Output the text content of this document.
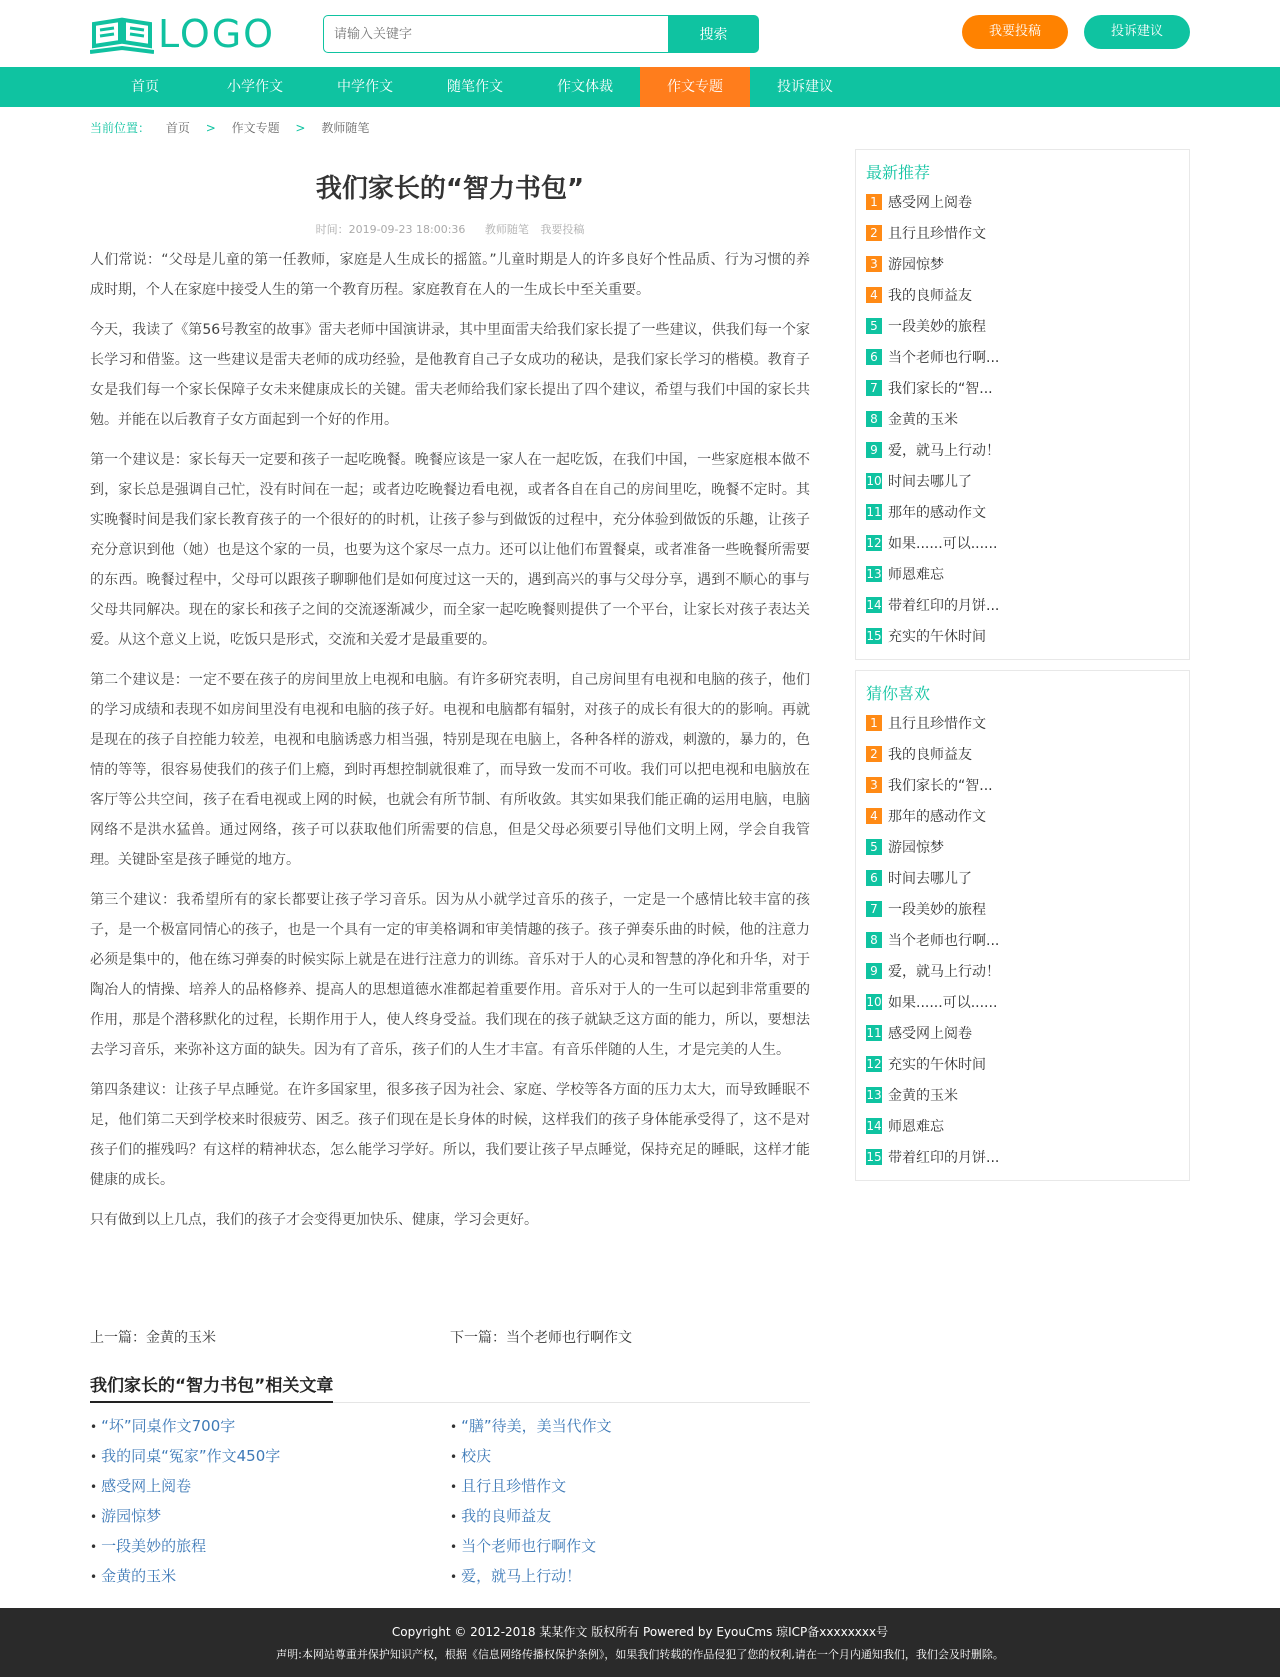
LOGO
请输入关键字	搜索	我要投稿	投诉建议
首页	小学作文	中学作文	随笔作文	作文体裁	作文专题	投诉建议
当前位置： 首页 > 作文专题 > 教师随笔
我们家长的“智力书包”
时间：2019-09-23 18:00:36 教师随笔 我要投稿

人们常说：“父母是儿童的第一任教师，家庭是人生成长的摇篮。”儿童时期是人的许多良好个性品质、行为习惯的养成时期，个人在家庭中接受人生的第一个教育历程。家庭教育在人的一生成长中至关重要。

今天，我读了《第56号教室的故事》雷夫老师中国演讲录，其中里面雷夫给我们家长提了一些建议，供我们每一个家长学习和借鉴。这一些建议是雷夫老师的成功经验，是他教育自己子女成功的秘诀，是我们家长学习的楷模。教育子女是我们每一个家长保障子女未来健康成长的关键。雷夫老师给我们家长提出了四个建议，希望与我们中国的家长共勉。并能在以后教育子女方面起到一个好的作用。

第一个建议是：家长每天一定要和孩子一起吃晚餐。晚餐应该是一家人在一起吃饭，在我们中国，一些家庭根本做不到，家长总是强调自己忙，没有时间在一起；或者边吃晚餐边看电视，或者各自在自己的房间里吃，晚餐不定时。其实晚餐时间是我们家长教育孩子的一个很好的的时机，让孩子参与到做饭的过程中，充分体验到做饭的乐趣，让孩子充分意识到他（她）也是这个家的一员，也要为这个家尽一点力。还可以让他们布置餐桌，或者准备一些晚餐所需要的东西。晚餐过程中，父母可以跟孩子聊聊他们是如何度过这一天的，遇到高兴的事与父母分享，遇到不顺心的事与父母共同解决。现在的家长和孩子之间的交流逐渐减少，而全家一起吃晚餐则提供了一个平台，让家长对孩子表达关爱。从这个意义上说，吃饭只是形式，交流和关爱才是最重要的。

第二个建议是：一定不要在孩子的房间里放上电视和电脑。有许多研究表明，自己房间里有电视和电脑的孩子，他们的学习成绩和表现不如房间里没有电视和电脑的孩子好。电视和电脑都有辐射，对孩子的成长有很大的的影响。再就是现在的孩子自控能力较差，电视和电脑诱惑力相当强，特别是现在电脑上，各种各样的游戏，刺激的，暴力的，色情的等等，很容易使我们的孩子们上瘾，到时再想控制就很难了，而导致一发而不可收。我们可以把电视和电脑放在客厅等公共空间，孩子在看电视或上网的时候，也就会有所节制、有所收敛。其实如果我们能正确的运用电脑，电脑网络不是洪水猛兽。通过网络，孩子可以获取他们所需要的信息，但是父母必须要引导他们文明上网，学会自我管理。关键卧室是孩子睡觉的地方。

第三个建议：我希望所有的家长都要让孩子学习音乐。因为从小就学过音乐的孩子，一定是一个感情比较丰富的孩子，是一个极富同情心的孩子，也是一个具有一定的审美格调和审美情趣的孩子。孩子弹奏乐曲的时候，他的注意力必须是集中的，他在练习弹奏的时候实际上就是在进行注意力的训练。音乐对于人的心灵和智慧的净化和升华，对于陶冶人的情操、培养人的品格修养、提高人的思想道德水准都起着重要作用。音乐对于人的一生可以起到非常重要的作用，那是个潜移默化的过程，长期作用于人，使人终身受益。我们现在的孩子就缺乏这方面的能力，所以，要想法去学习音乐，来弥补这方面的缺失。因为有了音乐，孩子们的人生才丰富。有音乐伴随的人生，才是完美的人生。

第四条建议：让孩子早点睡觉。在许多国家里，很多孩子因为社会、家庭、学校等各方面的压力太大，而导致睡眠不足，他们第二天到学校来时很疲劳、困乏。孩子们现在是长身体的时候，这样我们的孩子身体能承受得了，这不是对孩子们的摧残吗？有这样的精神状态，怎么能学习学好。所以，我们要让孩子早点睡觉，保持充足的睡眠，这样才能健康的成长。

只有做到以上几点，我们的孩子才会变得更加快乐、健康，学习会更好。

上一篇：金黄的玉米	下一篇：当个老师也行啊作文
我们家长的“智力书包”相关文章
• “坏”同桌作文700字
• 我的同桌“冤家”作文450字
• 感受网上阅卷
• 游园惊梦
• 一段美妙的旅程
• 金黄的玉米
• “膳”待美，美当代作文
• 校庆
• 且行且珍惜作文
• 我的良师益友
• 当个老师也行啊作文
• 爱，就马上行动！
最新推荐
1 感受网上阅卷
2 且行且珍惜作文
3 游园惊梦
4 我的良师益友
5 一段美妙的旅程
6 当个老师也行啊...
7 我们家长的“智...
8 金黄的玉米
9 爱，就马上行动！
10 时间去哪儿了
11 那年的感动作文
12 如果......可以......
13 师恩难忘
14 带着红印的月饼...
15 充实的午休时间
猜你喜欢
1 且行且珍惜作文
2 我的良师益友
3 我们家长的“智...
4 那年的感动作文
5 游园惊梦
6 时间去哪儿了
7 一段美妙的旅程
8 当个老师也行啊...
9 爱，就马上行动！
10 如果......可以......
11 感受网上阅卷
12 充实的午休时间
13 金黄的玉米
14 师恩难忘
15 带着红印的月饼...
Copyright © 2012-2018 某某作文 版权所有 Powered by EyouCms 琼ICP备xxxxxxxx号
声明:本网站尊重并保护知识产权，根据《信息网络传播权保护条例》，如果我们转载的作品侵犯了您的权利,请在一个月内通知我们，我们会及时删除。
